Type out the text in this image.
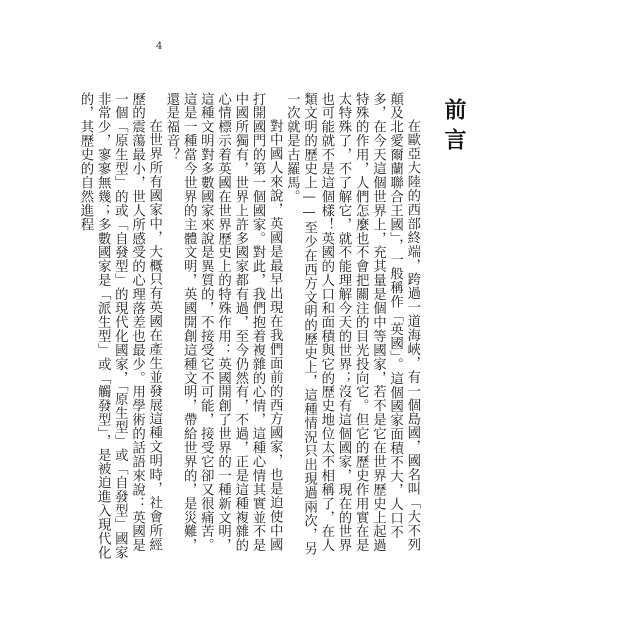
4
前言

在歐亞大陸的西部終端，跨過一道海峽，有一個島國，國名叫「大不列顛及北愛爾蘭聯合王國」，一般稱作「英國」。這個國家面積不大，人口不多，在今天這個世界上，充其量是個中等國家，若不是它在世界歷史上起過特殊的作用，人們怎麼也不會把關注的目光投向它。但它的歷史作用實在是太特殊了，不了解它，就不能理解今天的世界；沒有這個國家，現在的世界也可能就不是這個樣！英國的人口和面積與它的歷史地位太不相稱了，在人類文明的歷史上——至少在西方文明的歷史上，這種情況只出現過兩次，另一次就是古羅馬。

對中國人來說，英國是最早出現在我們面前的西方國家，也是迫使中國打開國門的第一個國家。對此，我們抱着複雜的心情，這種心情其實並不是中國所獨有，世界上許多國家都有過，至今仍然有，不過，正是這種複雜的心情標示着英國在世界歷史上的特殊作用：英國開創了世界的一種新文明，這種文明對多數國家來說是異質的，不接受它不可能，接受它卻又很痛苦。這是一種當今世界的主體文明，英國開創這種文明，帶給世界的，是災難，還是福音？

在世界所有國家中，大概只有英國在產生並發展這種文明時，社會所經歷的震蕩最小，世人所感受的心理落差也最少。用學術的話語來說：英國是一個「原生型」的或「自發型」的現代化國家，「原生型」或「自發型」國家非常少，寥寥無幾；多數國家是「派生型」或「觸發型」，是被迫進入現代化的，其歷史的自然進程
